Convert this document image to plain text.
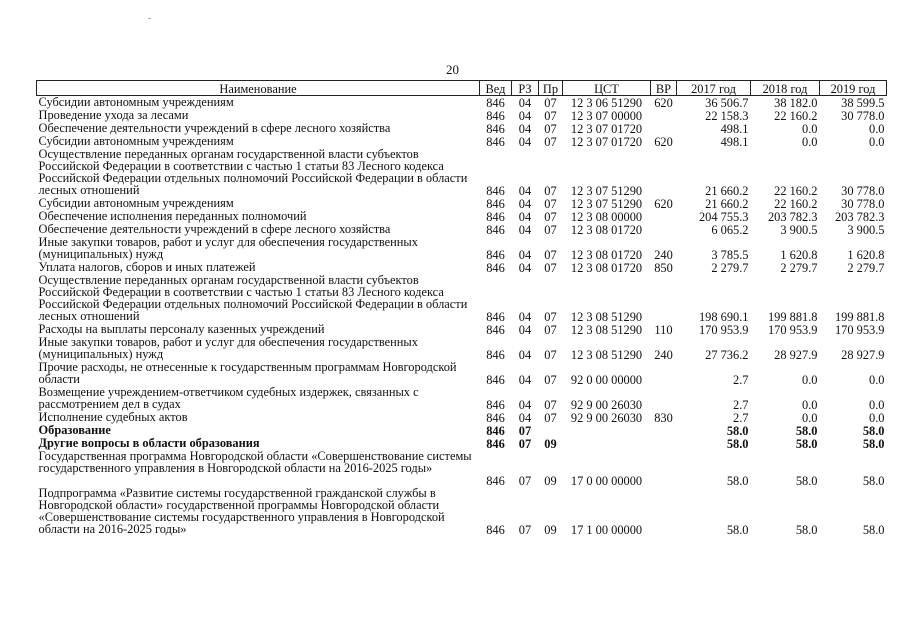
20
Наименование	Вед	РЗ	Пр	ЦСТ	ВР	2017 год	2018 год	2019 год
Субсидии автономным учреждениям	846	04	07	12 3 06 51290	620	36 506.7	38 182.0	38 599.5
Проведение ухода за лесами	846	04	07	12 3 07 00000		22 158.3	22 160.2	30 778.0
Обеспечение деятельности учреждений в сфере лесного хозяйства	846	04	07	12 3 07 01720		498.1	0.0	0.0
Субсидии автономным учреждениям	846	04	07	12 3 07 01720	620	498.1	0.0	0.0
Осуществление переданных органам государственной власти субъектов Российской Федерации в соответствии с частью 1 статьи 83 Лесного кодекса Российской Федерации отдельных полномочий Российской Федерации в области лесных отношений	846	04	07	12 3 07 51290		21 660.2	22 160.2	30 778.0
Субсидии автономным учреждениям	846	04	07	12 3 07 51290	620	21 660.2	22 160.2	30 778.0
Обеспечение исполнения переданных полномочий	846	04	07	12 3 08 00000		204 755.3	203 782.3	203 782.3
Обеспечение деятельности учреждений в сфере лесного хозяйства	846	04	07	12 3 08 01720		6 065.2	3 900.5	3 900.5
Иные закупки товаров, работ и услуг для обеспечения государственных (муниципальных) нужд	846	04	07	12 3 08 01720	240	3 785.5	1 620.8	1 620.8
Уплата налогов, сборов и иных платежей	846	04	07	12 3 08 01720	850	2 279.7	2 279.7	2 279.7
Осуществление переданных органам государственной власти субъектов Российской Федерации в соответствии с частью 1 статьи 83 Лесного кодекса Российской Федерации отдельных полномочий Российской Федерации в области лесных отношений	846	04	07	12 3 08 51290		198 690.1	199 881.8	199 881.8
Расходы на выплаты персоналу казенных учреждений	846	04	07	12 3 08 51290	110	170 953.9	170 953.9	170 953.9
Иные закупки товаров, работ и услуг для обеспечения государственных (муниципальных) нужд	846	04	07	12 3 08 51290	240	27 736.2	28 927.9	28 927.9
Прочие расходы, не отнесенные к государственным программам Новгородской области	846	04	07	92 0 00 00000		2.7	0.0	0.0
Возмещение учреждением-ответчиком судебных издержек, связанных с рассмотрением дел в судах	846	04	07	92 9 00 26030		2.7	0.0	0.0
Исполнение судебных актов	846	04	07	92 9 00 26030	830	2.7	0.0	0.0
Образование	846	07				58.0	58.0	58.0
Другие вопросы в области образования	846	07	09			58.0	58.0	58.0
Государственная программа Новгородской области «Совершенствование системы государственного управления в Новгородской области на 2016-2025 годы»	846	07	09	17 0 00 00000		58.0	58.0	58.0
Подпрограмма «Развитие системы государственной гражданской службы в Новгородской области» государственной программы Новгородской области «Совершенствование системы государственного управления в Новгородской области на 2016-2025 годы»	846	07	09	17 1 00 00000		58.0	58.0	58.0
